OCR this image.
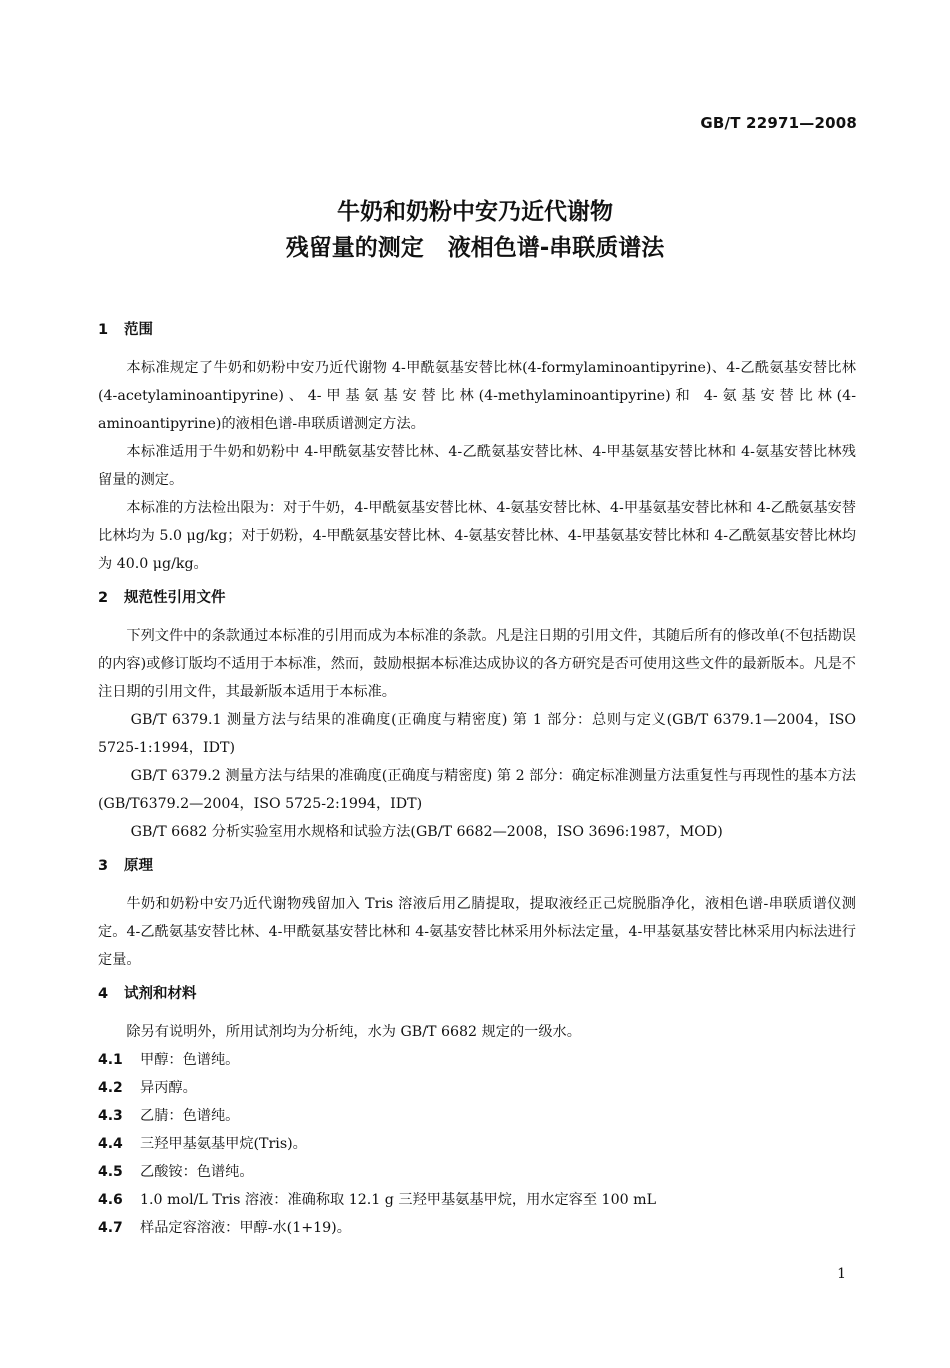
GB/T 22971—2008
牛奶和奶粉中安乃近代谢物
残留量的测定   液相色谱-串联质谱法
1 范围

本标准规定了牛奶和奶粉中安乃近代谢物 4-甲酰氨基安替比林(4-formylaminoantipyrine)、4-乙酰氨基安替比林(4-acetylaminoantipyrine)、4-甲基氨基安替比林(4-methylaminoantipyrine)和 4-氨基安替比林(4-aminoantipyrine)的液相色谱-串联质谱测定方法。

本标准适用于牛奶和奶粉中 4-甲酰氨基安替比林、4-乙酰氨基安替比林、4-甲基氨基安替比林和 4-氨基安替比林残留量的测定。

本标准的方法检出限为：对于牛奶，4-甲酰氨基安替比林、4-氨基安替比林、4-甲基氨基安替比林和 4-乙酰氨基安替比林均为 5.0 μg/kg；对于奶粉，4-甲酰氨基安替比林、4-氨基安替比林、4-甲基氨基安替比林和 4-乙酰氨基安替比林均为 40.0 μg/kg。

2 规范性引用文件

下列文件中的条款通过本标准的引用而成为本标准的条款。凡是注日期的引用文件，其随后所有的修改单(不包括勘误的内容)或修订版均不适用于本标准，然而，鼓励根据本标准达成协议的各方研究是否可使用这些文件的最新版本。凡是不注日期的引用文件，其最新版本适用于本标准。

GB/T 6379.1 测量方法与结果的准确度(正确度与精密度) 第 1 部分：总则与定义(GB/T 6379.1—2004，ISO 5725-1:1994，IDT)

GB/T 6379.2 测量方法与结果的准确度(正确度与精密度) 第 2 部分：确定标准测量方法重复性与再现性的基本方法(GB/T6379.2—2004，ISO 5725-2:1994，IDT)

GB/T 6682 分析实验室用水规格和试验方法(GB/T 6682—2008，ISO 3696:1987，MOD)

3 原理

牛奶和奶粉中安乃近代谢物残留加入 Tris 溶液后用乙腈提取，提取液经正己烷脱脂净化，液相色谱-串联质谱仪测定。4-乙酰氨基安替比林、4-甲酰氨基安替比林和 4-氨基安替比林采用外标法定量，4-甲基氨基安替比林采用内标法进行定量。

4 试剂和材料

除另有说明外，所用试剂均为分析纯，水为 GB/T 6682 规定的一级水。

4.1 甲醇：色谱纯。

4.2 异丙醇。

4.3 乙腈：色谱纯。

4.4 三羟甲基氨基甲烷(Tris)。

4.5 乙酸铵：色谱纯。

4.6 1.0 mol/L Tris 溶液：准确称取 12.1 g 三羟甲基氨基甲烷，用水定容至 100 mL

4.7 样品定容溶液：甲醇-水(1+19)。

1
